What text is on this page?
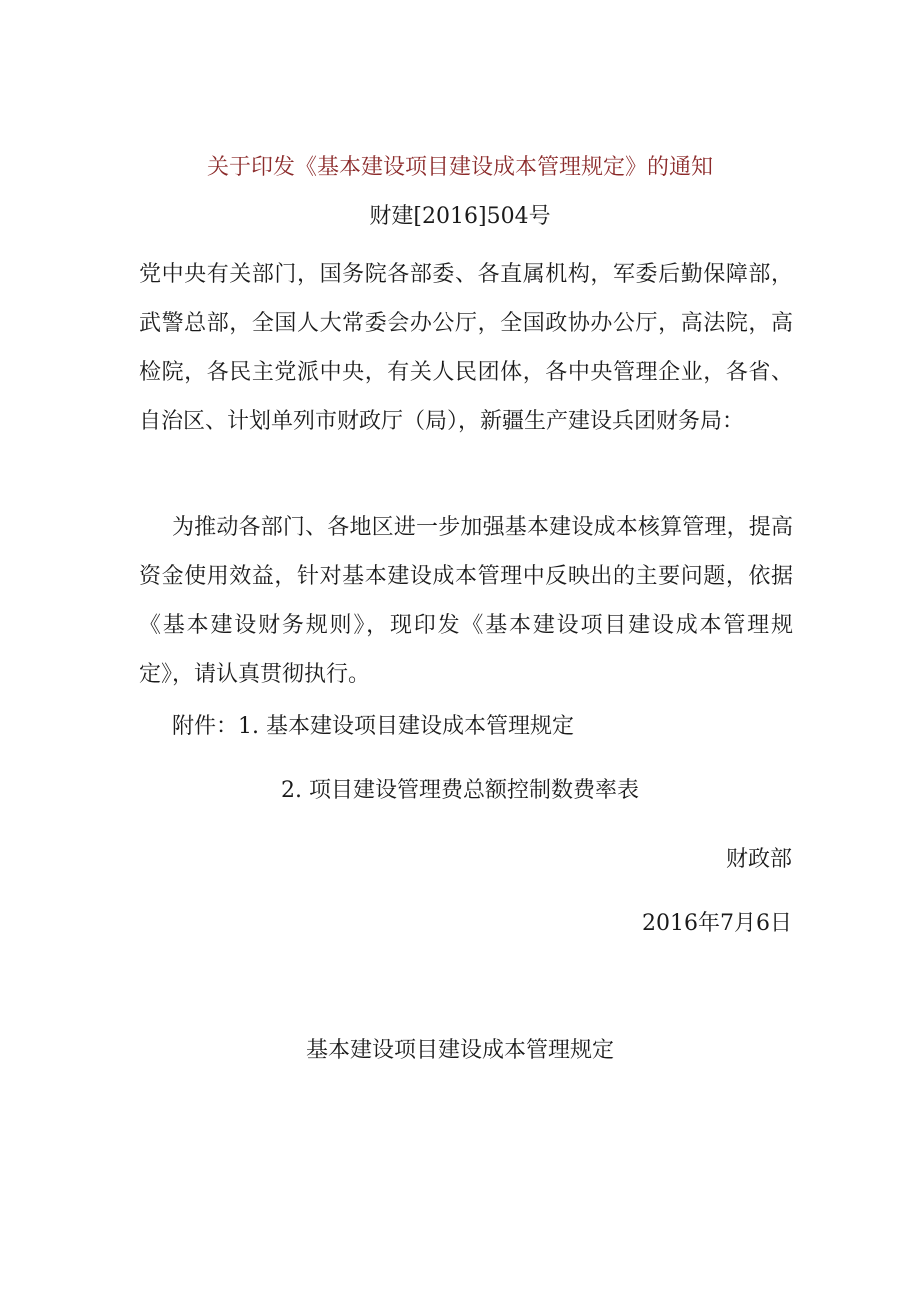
关于印发《基本建设项目建设成本管理规定》的通知
财建[2016]504号

党中央有关部门，国务院各部委、各直属机构，军委后勤保障部，武警总部，全国人大常委会办公厅，全国政协办公厅，高法院，高检院，各民主党派中央，有关人民团体，各中央管理企业，各省、自治区、计划单列市财政厅（局），新疆生产建设兵团财务局：

为推动各部门、各地区进一步加强基本建设成本核算管理，提高资金使用效益，针对基本建设成本管理中反映出的主要问题，依据《基本建设财务规则》，现印发《基本建设项目建设成本管理规定》，请认真贯彻执行。

附件：1. 基本建设项目建设成本管理规定
2. 项目建设管理费总额控制数费率表
财政部
2016年7月6日
基本建设项目建设成本管理规定
